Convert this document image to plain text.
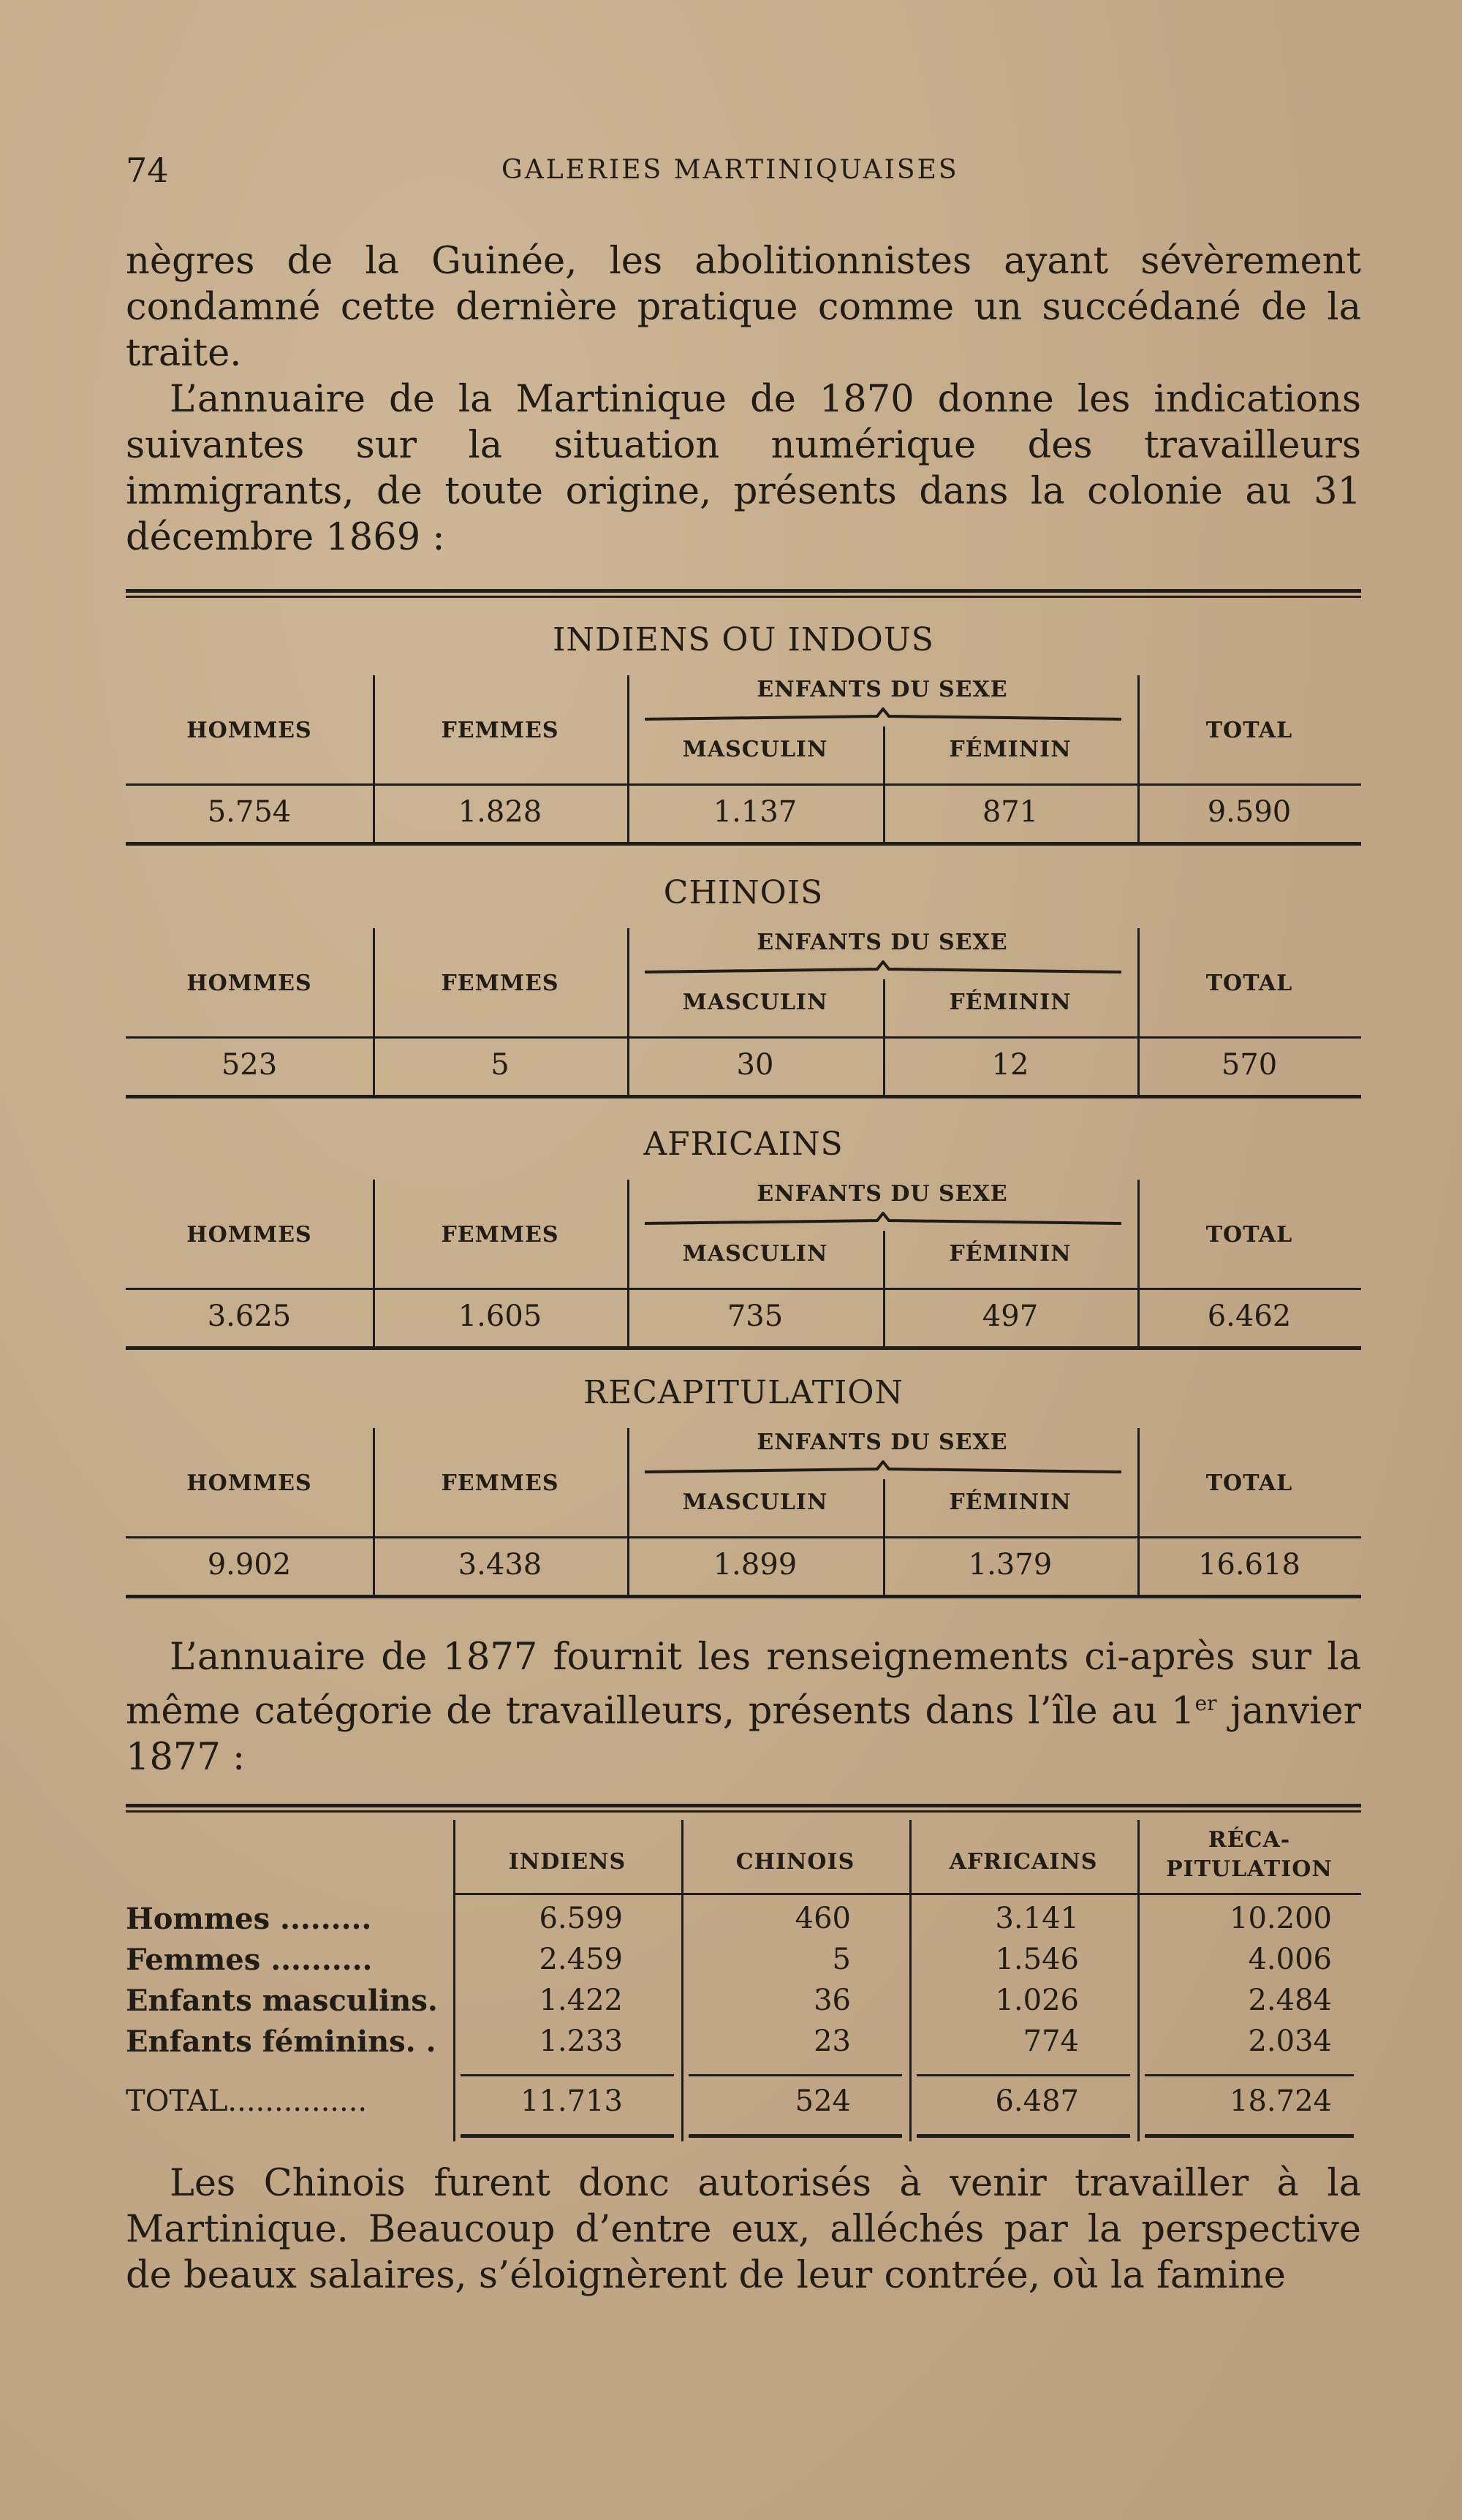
74	GALERIES MARTINIQUAISES

nègres de la Guinée, les abolitionnistes ayant sévèrement condamné cette dernière pratique comme un succédané de la traite.

L’annuaire de la Martinique de 1870 donne les indications suivantes sur la situation numérique des travailleurs immigrants, de toute origine, présents dans la colonie au 31 décembre 1869 :

INDIENS OU INDOUS
HOMMES	FEMMES
ENFANTS DU SEXE
MASCULIN	FÉMININ
TOTAL
5.754	1.828	1.137	871	9.590
CHINOIS
HOMMES	FEMMES
ENFANTS DU SEXE
MASCULIN	FÉMININ
TOTAL
523	5	30	12	570
AFRICAINS
HOMMES	FEMMES
ENFANTS DU SEXE
MASCULIN	FÉMININ
TOTAL
3.625	1.605	735	497	6.462
RECAPITULATION
HOMMES	FEMMES
ENFANTS DU SEXE
MASCULIN	FÉMININ
TOTAL
9.902	3.438	1.899	1.379	16.618

L’annuaire de 1877 fournit les renseignements ci-après sur la même catégorie de travailleurs, présents dans l’île au 1er janvier 1877 :

INDIENS	CHINOIS	AFRICAINS
RÉCA-
PITULATION
Hommes .........	6.599	460	3.141	10.200
Femmes ..........	2.459	5	1.546	4.006
Enfants masculins.	1.422	36	1.026	2.484
Enfants féminins. .	1.233	23	774	2.034
TOTAL...............	11.713	524	6.487	18.724

Les Chinois furent donc autorisés à venir travailler à la Martinique. Beaucoup d’entre eux, alléchés par la perspective de beaux salaires, s’éloignèrent de leur contrée, où la famine
